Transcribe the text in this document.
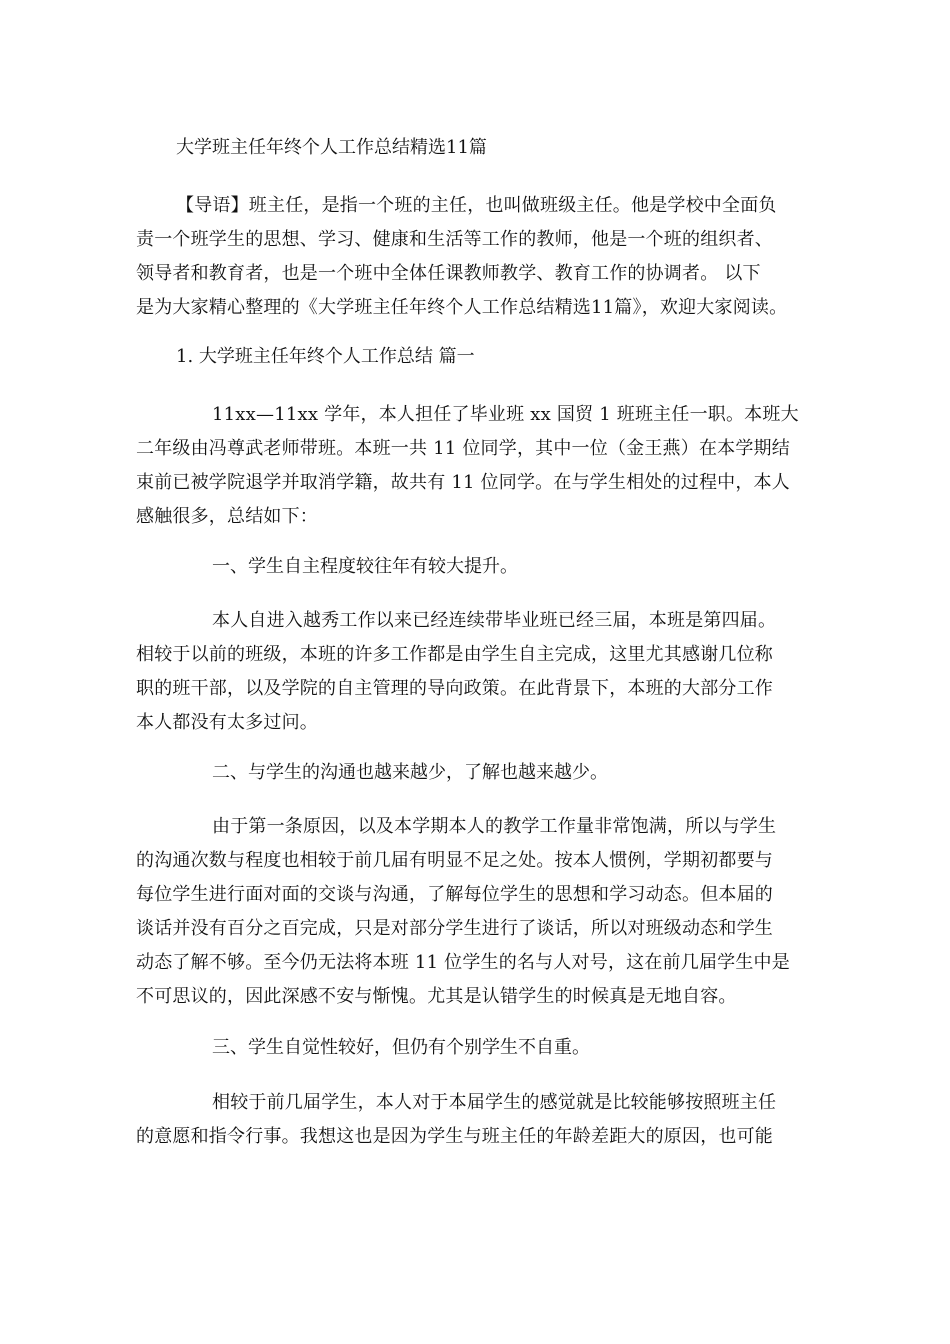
大学班主任年终个人工作总结精选11篇
【导语】班主任，是指一个班的主任，也叫做班级主任。他是学校中全面负
责一个班学生的思想、学习、健康和生活等工作的教师，他是一个班的组织者、
领导者和教育者，也是一个班中全体任课教师教学、教育工作的协调者。 以下
是为大家精心整理的《大学班主任年终个人工作总结精选11篇》，欢迎大家阅读。
1. 大学班主任年终个人工作总结 篇一
11xx—11xx 学年，本人担任了毕业班 xx 国贸 1 班班主任一职。本班大
二年级由冯尊武老师带班。本班一共 11 位同学，其中一位（金王燕）在本学期结
束前已被学院退学并取消学籍，故共有 11 位同学。在与学生相处的过程中，本人
感触很多，总结如下：
一、学生自主程度较往年有较大提升。
本人自进入越秀工作以来已经连续带毕业班已经三届，本班是第四届。
相较于以前的班级，本班的许多工作都是由学生自主完成，这里尤其感谢几位称
职的班干部，以及学院的自主管理的导向政策。在此背景下，本班的大部分工作
本人都没有太多过问。
二、与学生的沟通也越来越少，了解也越来越少。
由于第一条原因，以及本学期本人的教学工作量非常饱满，所以与学生
的沟通次数与程度也相较于前几届有明显不足之处。按本人惯例，学期初都要与
每位学生进行面对面的交谈与沟通，了解每位学生的思想和学习动态。但本届的
谈话并没有百分之百完成，只是对部分学生进行了谈话，所以对班级动态和学生
动态了解不够。至今仍无法将本班 11 位学生的名与人对号，这在前几届学生中是
不可思议的，因此深感不安与惭愧。尤其是认错学生的时候真是无地自容。
三、学生自觉性较好，但仍有个别学生不自重。
相较于前几届学生，本人对于本届学生的感觉就是比较能够按照班主任
的意愿和指令行事。我想这也是因为学生与班主任的年龄差距大的原因，也可能
